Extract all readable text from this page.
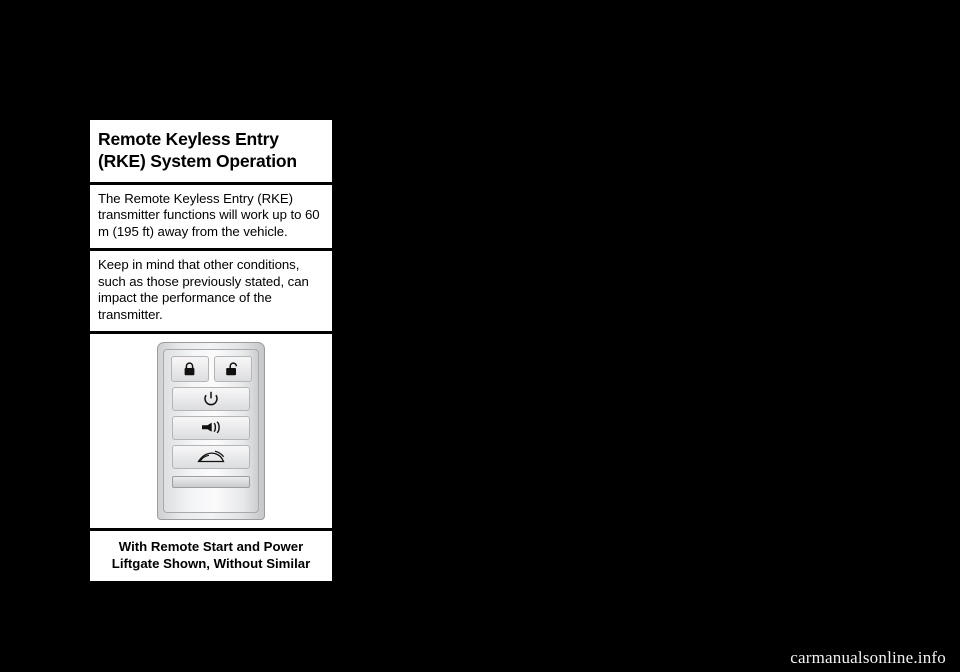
Remote Keyless Entry
(RKE) System Operation
The Remote Keyless Entry (RKE) transmitter functions will work up to 60 m (195 ft) away from the vehicle.
Keep in mind that other conditions, such as those previously stated, can impact the performance of the transmitter.
With Remote Start and Power
Liftgate Shown, Without Similar
carmanualsonline.info
